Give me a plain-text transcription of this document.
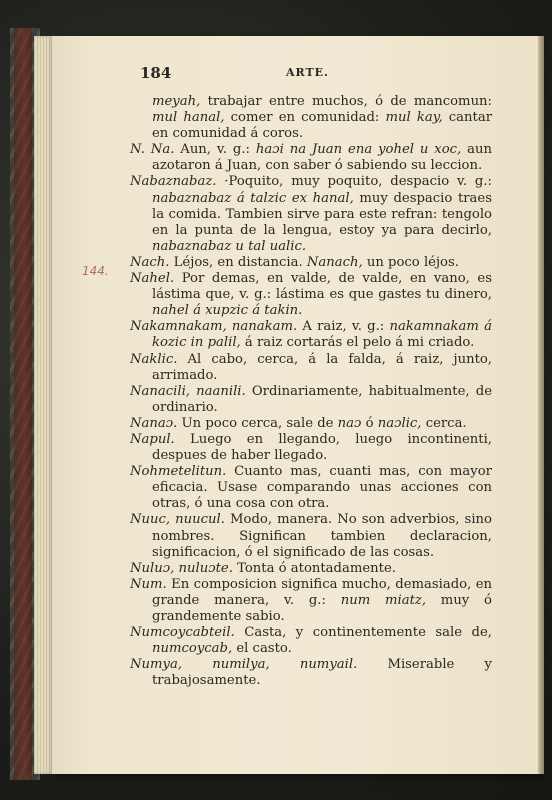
184	ARTE.
144.

meyah, trabajar entre muchos, ó de mancomun: mul hanal, comer en comunidad: mul kay, cantar en comunidad á coros.

N. Na. Aun, v. g.: haɔi na Juan ena yohel u xoc, aun azotaron á Juan, con saber ó sabiendo su leccion.

Nabaznabaz. ·Poquito, muy poquito, despacio v. g.: nabaznabaz á talzic ex hanal, muy despacio traes la comida. Tambien sirve para este refran: tengolo en la punta de la lengua, estoy ya para decirlo, nabaznabaz u tal ualic.

Nach. Léjos, en distancia. Nanach, un poco léjos.

Nahel. Por demas, en valde, de valde, en vano, es lástima que, v. g.: lástima es que gastes tu dinero, nahel á xupzic á takin.

Nakamnakam, nanakam. A raiz, v. g.: nakamnakam á kozic in palil, á raiz cortarás el pelo á mi criado.

Naklic. Al cabo, cerca, á la falda, á raiz, junto, arrimado.

Nanacili, naanili. Ordinariamente, habitualmente, de ordinario.

Nanaɔ. Un poco cerca, sale de naɔ ó naɔlic, cerca.

Napul. Luego en llegando, luego incontinenti, despues de haber llegado.

Nohmetelitun. Cuanto mas, cuanti mas, con mayor eficacia. Usase comparando unas acciones con otras, ó una cosa con otra.

Nuuc, nuucul. Modo, manera. No son adverbios, sino nombres. Significan tambien declaracion, significacion, ó el significado de las cosas.

Nuluɔ, nuluɔte. Tonta ó atontadamente.

Num. En composicion significa mucho, demasiado, en grande manera, v. g.: num miatz, muy ó grandemente sabio.

Numcoycabteil. Casta, y continentemente sale de, numcoycab, el casto.

Numya, numilya, numyail. Miserable y trabajosamente.
